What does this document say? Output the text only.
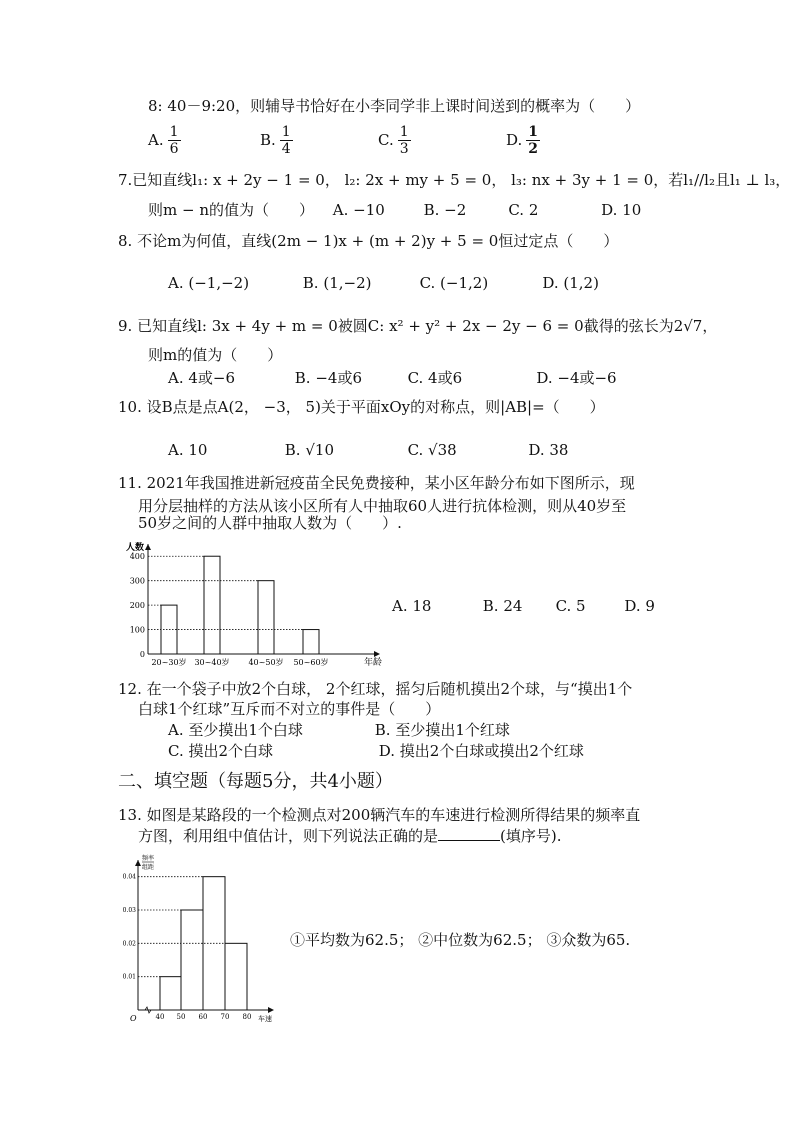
8: 40－9:20，则辅导书恰好在小李同学非上课时间送到的概率为（　　）
A. $\frac{1}{6}$	B. $\frac{1}{4}$	C. $\frac{1}{3}$	D. $\frac{1}{2}$
7.已知直线l₁: x + 2y − 1 = 0， l₂: 2x + my + 5 = 0， l₃: nx + 3y + 1 = 0，若l₁//l₂且l₁ ⊥ l₃，
则m − n的值为（　　） A. −10	B. −2	C. 2	D. 10
8. 不论m为何值，直线(2m − 1)x + (m + 2)y + 5 = 0恒过定点（　　）
A. (−1,−2)	B. (1,−2)	C. (−1,2)	D. (1,2)
9. 已知直线l: 3x + 4y + m = 0被圆C: x² + y² + 2x − 2y − 6 = 0截得的弦长为2√7，
则m的值为（　　）
A. 4或−6	B. −4或6	C. 4或6	D. −4或−6
10. 设B点是点A(2， −3， 5)关于平面xOy的对称点，则|AB|=（　　）
A. 10	B. √10	C. √38	D. 38
11. 2021年我国推进新冠疫苗全民免费接种，某小区年龄分布如下图所示，现
用分层抽样的方法从该小区所有人中抽取60人进行抗体检测，则从40岁至
50岁之间的人群中抽取人数为（　　）.
人数
年龄
0
100
200
300
400
20~30岁 30~40岁 40~50岁 50~60岁
A. 18	B. 24 C. 5	D. 9
12. 在一个袋子中放2个白球， 2个红球，摇匀后随机摸出2个球，与“摸出1个
白球1个红球”互斥而不对立的事件是（　　）
A. 至少摸出1个白球	B. 至少摸出1个红球
C. 摸出2个白球	D. 摸出2个白球或摸出2个红球
二、填空题（每题5分，共4小题）
13. 如图是某路段的一个检测点对200辆汽车的车速进行检测所得结果的频率直
方图，利用组中值估计，则下列说法正确的是	(填序号).
频率
组距
O	车速
0.01
0.02
0.03
0.04
40 50 60 70 80
①平均数为62.5； ②中位数为62.5； ③众数为65.
